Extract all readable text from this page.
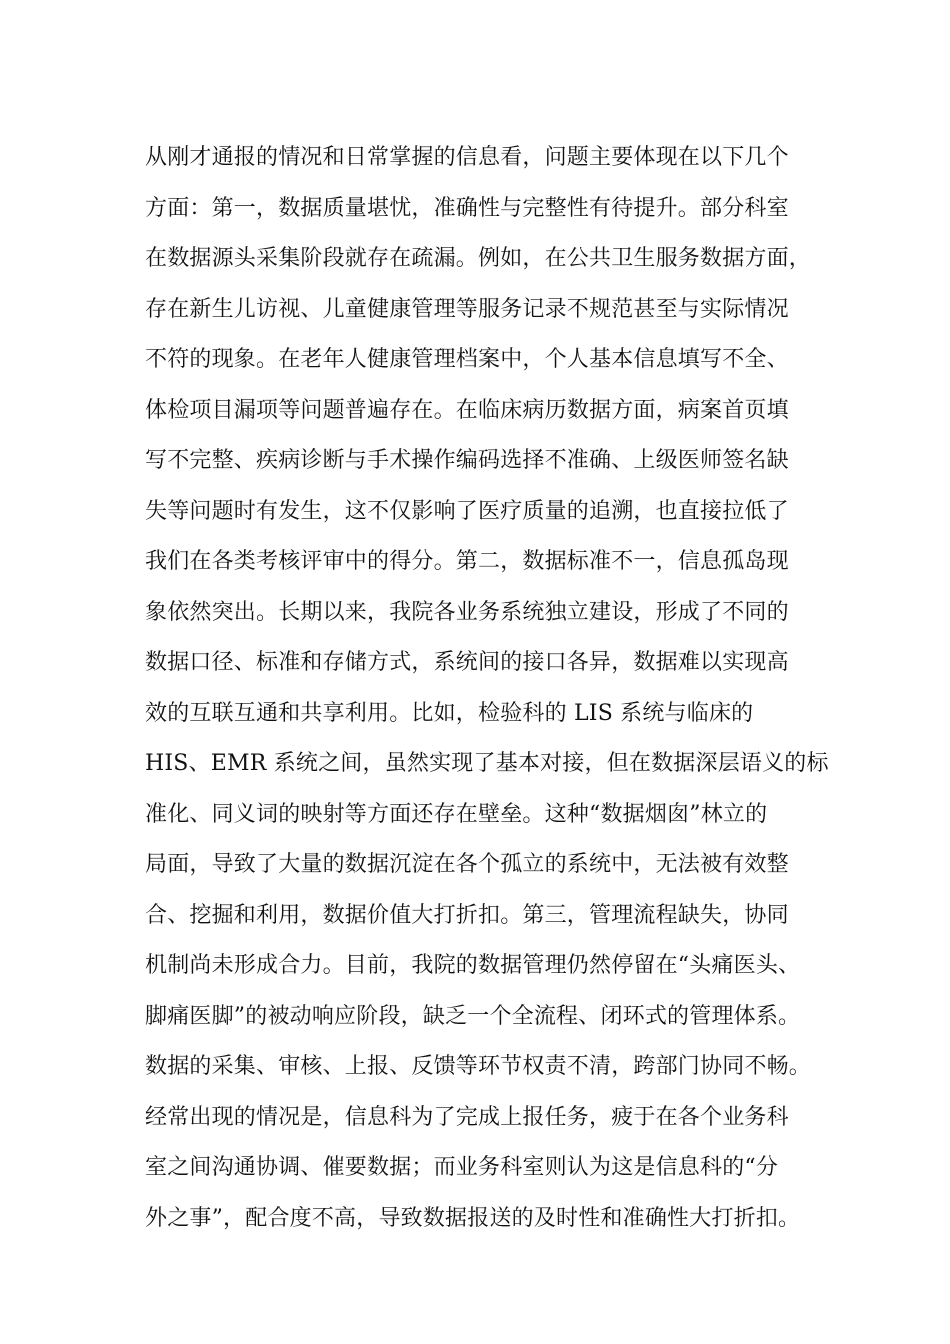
从刚才通报的情况和日常掌握的信息看，问题主要体现在以下几个
方面：第一，数据质量堪忧，准确性与完整性有待提升。部分科室
在数据源头采集阶段就存在疏漏。例如，在公共卫生服务数据方面，
存在新生儿访视、儿童健康管理等服务记录不规范甚至与实际情况
不符的现象。在老年人健康管理档案中，个人基本信息填写不全、
体检项目漏项等问题普遍存在。在临床病历数据方面，病案首页填
写不完整、疾病诊断与手术操作编码选择不准确、上级医师签名缺
失等问题时有发生，这不仅影响了医疗质量的追溯，也直接拉低了
我们在各类考核评审中的得分。第二，数据标准不一，信息孤岛现
象依然突出。长期以来，我院各业务系统独立建设，形成了不同的
数据口径、标准和存储方式，系统间的接口各异，数据难以实现高
效的互联互通和共享利用。比如，检验科的 LIS 系统与临床的
HIS、EMR 系统之间，虽然实现了基本对接，但在数据深层语义的标
准化、同义词的映射等方面还存在壁垒。这种“数据烟囱”林立的
局面，导致了大量的数据沉淀在各个孤立的系统中，无法被有效整
合、挖掘和利用，数据价值大打折扣。第三，管理流程缺失，协同
机制尚未形成合力。目前，我院的数据管理仍然停留在“头痛医头、
脚痛医脚”的被动响应阶段，缺乏一个全流程、闭环式的管理体系。
数据的采集、审核、上报、反馈等环节权责不清，跨部门协同不畅。
经常出现的情况是，信息科为了完成上报任务，疲于在各个业务科
室之间沟通协调、催要数据；而业务科室则认为这是信息科的“分
外之事”，配合度不高，导致数据报送的及时性和准确性大打折扣。
